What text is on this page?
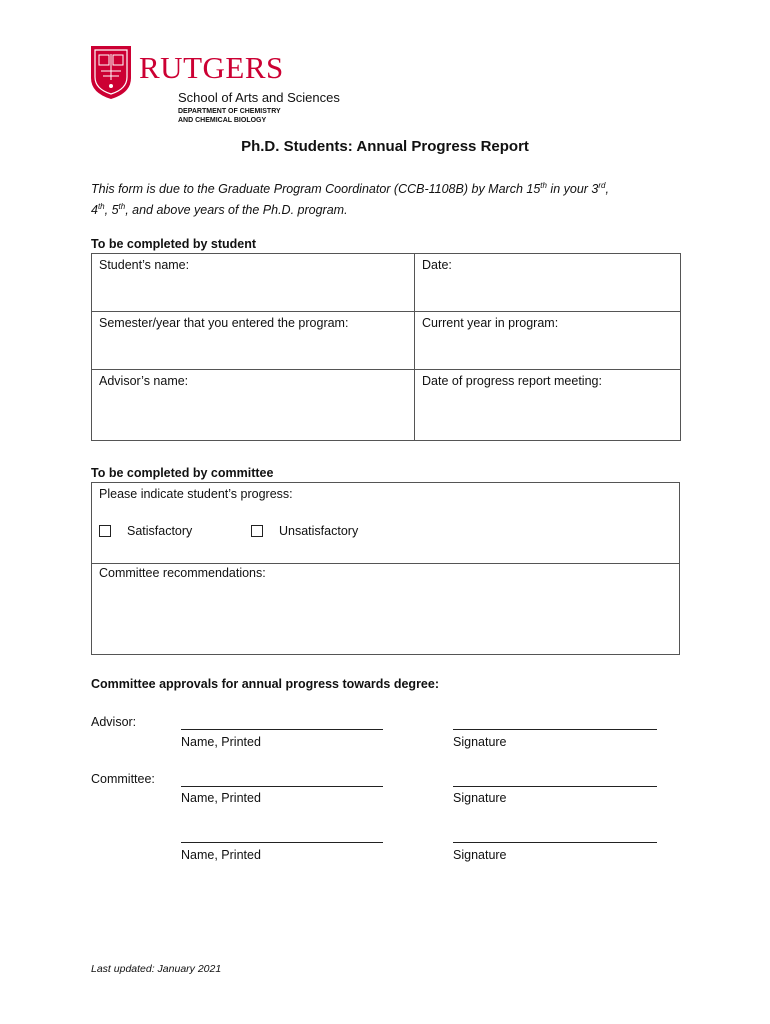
RUTGERS
School of Arts and Sciences
DEPARTMENT OF CHEMISTRY
AND CHEMICAL BIOLOGY
Ph.D. Students: Annual Progress Report
This form is due to the Graduate Program Coordinator (CCB-1108B) by March 15th in your 3rd,
4th, 5th, and above years of the Ph.D. program.
To be completed by student
Student’s name:	Date:
Semester/year that you entered the program:	Current year in program:
Advisor’s name:	Date of progress report meeting:
To be completed by committee
Please indicate student’s progress:
Satisfactory	Unsatisfactory
Committee recommendations:
Committee approvals for annual progress towards degree:
Advisor:
Name, Printed	Signature
Committee:
Name, Printed	Signature
Name, Printed	Signature
Last updated: January 2021
